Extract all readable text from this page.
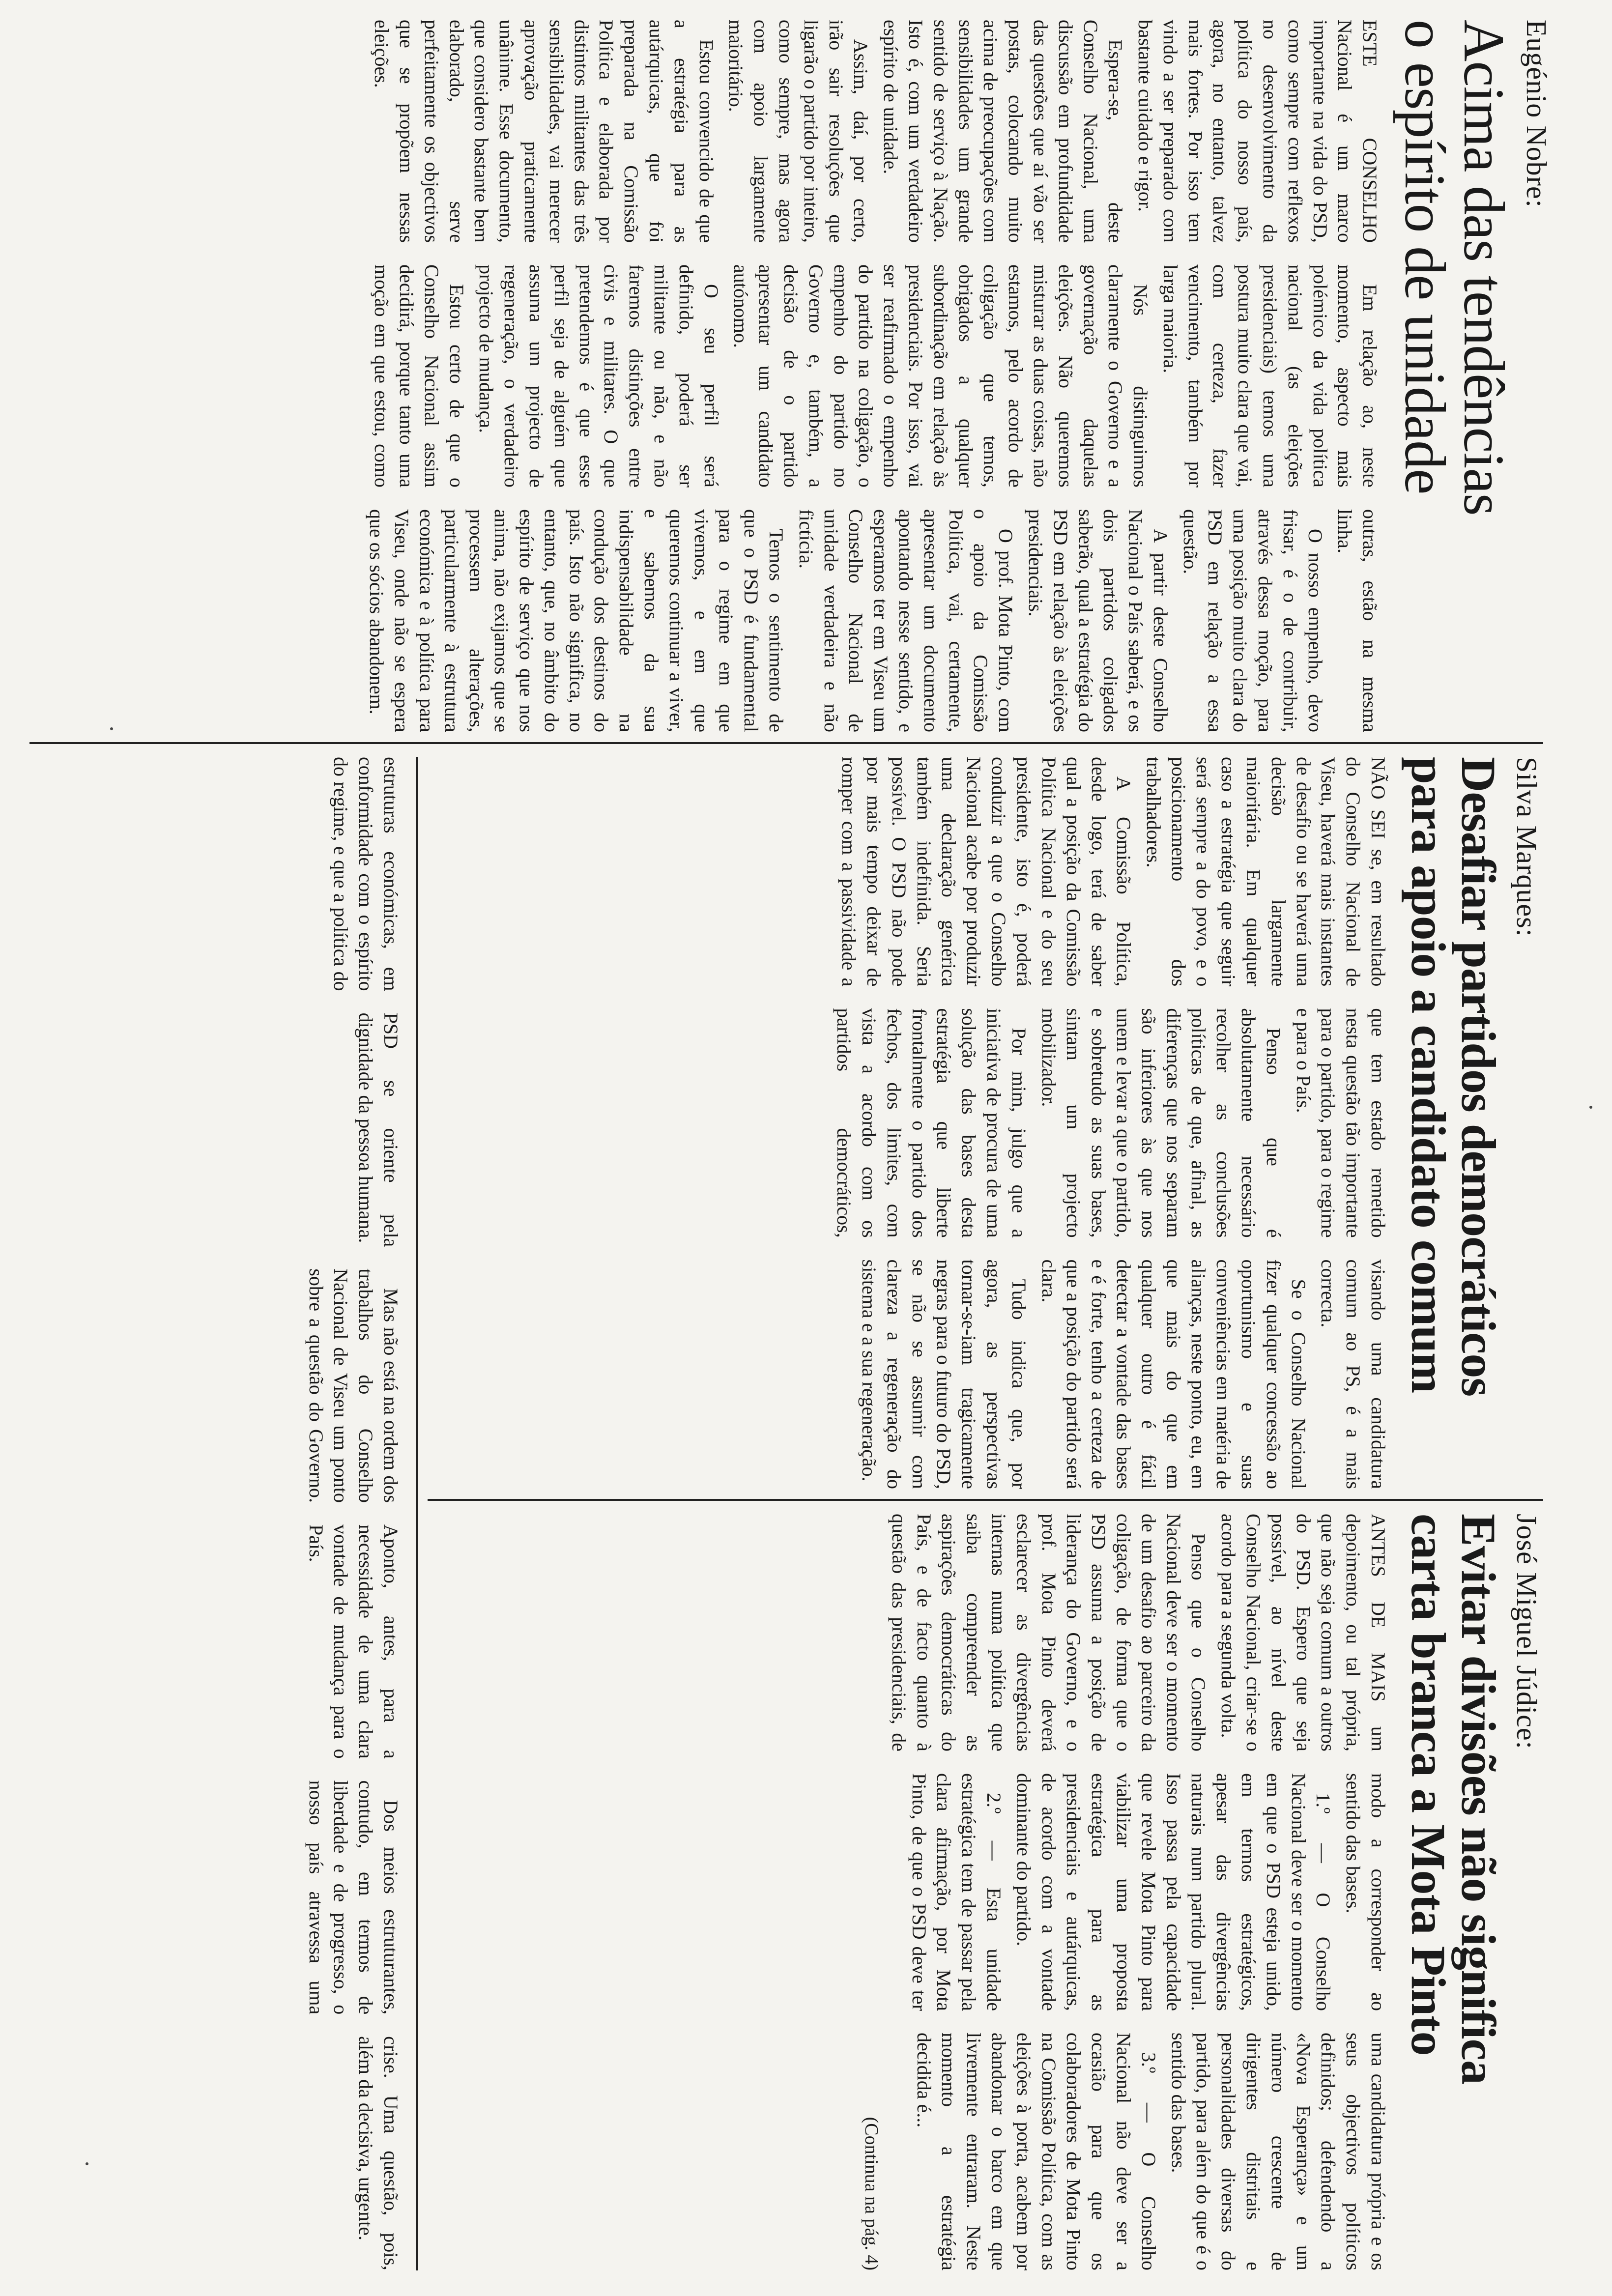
Eugénio Nobre:
Acima das tendências
o espírito de unidade

ESTE CONSELHO Nacional é um marco importante na vida do PSD, como sempre com reflexos no desenvolvimento da política do nosso país, agora, no entanto, talvez mais fortes. Por isso tem vindo a ser preparado com bastante cuidado e rigor.

Espera-se, deste Conselho Nacional, uma discussão em profundidade das questões que aí vão ser postas, colocando muito acima de preocupações com sensibilidades um grande sentido de serviço à Nação. Isto é, com um verdadeiro espírito de unidade.

Assim, daí, por certo, irão sair resoluções que ligarão o partido por inteiro, como sempre, mas agora com apoio largamente maioritário.

Estou convencido de que a estratégia para as autárquicas, que foi preparada na Comissão Política e elaborada por distintos militantes das três sensibilidades, vai merecer aprovação praticamente unânime. Esse documento, que considero bastante bem elaborado, serve perfeitamente os objectivos que se propõem nessas eleições.

Em relação ao, neste momento, aspecto mais polémico da vida política nacional (as eleições presidenciais) temos uma postura muito clara que vai, com certeza, fazer vencimento, também por larga maioria.

Nós distinguimos claramente o Governo e a governação daquelas eleições. Não queremos misturar as duas coisas, não estamos, pelo acordo de coligação que temos, obrigados a qualquer subordinação em relação às presidenciais. Por isso, vai ser reafirmado o empenho do partido na coligação, o empenho do partido no Governo e, também, a decisão de o partido apresentar um candidato autónomo.

O seu perfil será definido, poderá ser militante ou não, e não faremos distinções entre civis e militares. O que pretendemos é que esse perfil seja de alguém que assuma um projecto de regeneração, o verdadeiro projecto de mudança.

Estou certo de que o Conselho Nacional assim decidirá, porque tanto uma moção em que estou, como outras, estão na mesma linha.

O nosso empenho, devo frisar, é o de contribuir, através dessa moção, para uma posição muito clara do PSD em relação a essa questão.

A partir deste Conselho Nacional o País saberá, e os dois partidos coligados saberão, qual a estratégia do PSD em relação às eleições presidenciais.

O prof. Mota Pinto, com o apoio da Comissão Política, vai, certamente, apresentar um documento apontando nesse sentido, e esperamos ter em Viseu um Conselho Nacional de unidade verdadeira e não fictícia.

Temos o sentimento de que o PSD é fundamental para o regime em que vivemos, e em que queremos continuar a viver, e sabemos da sua indispensabilidade na condução dos destinos do país. Isto não significa, no entanto, que, no âmbito do espírito de serviço que nos anima, não exijamos que se processem alterações, particularmente à estrutura económica e à política para Viseu, onde não se espera que os sócios abandonem.

estruturas económicas, em conformidade com o espírito do regime, e que a política do PSD se oriente pela dignidade da pessoa humana.

Mas não está na ordem dos trabalhos do Conselho Nacional de Viseu um ponto sobre a questão do Governo. Aponto, antes, para a necessidade de uma clara vontade de mudança para o País.

Dos meios estruturantes, contudo, em termos de liberdade e de progresso, o nosso país atravessa uma crise. Uma questão, pois, além da decisiva, urgente.

Silva Marques:
Desafiar partidos democráticos
para apoio a candidato comum

NÃO SEI se, em resultado do Conselho Nacional de Viseu, haverá mais instantes de desafio ou se haverá uma decisão largamente maioritária. Em qualquer caso a estratégia que seguir será sempre a do povo, e o posicionamento dos trabalhadores.

A Comissão Política, desde logo, terá de saber qual a posição da Comissão Política Nacional e do seu presidente, isto é, poderá conduzir a que o Conselho Nacional acabe por produzir uma declaração genérica também indefinida. Seria possível. O PSD não pode por mais tempo deixar de romper com a passividade a que tem estado remetido nesta questão tão importante para o partido, para o regime e para o País.

Penso que é absolutamente necessário recolher as conclusões políticas de que, afinal, as diferenças que nos separam são inferiores às que nos unem e levar a que o partido, e sobretudo as suas bases, sintam um projecto mobilizador.

Por mim, julgo que a iniciativa de procura de uma solução das bases desta estratégia que liberte frontalmente o partido dos fechos, dos limites, com vista a acordo com os partidos democráticos, visando uma candidatura comum ao PS, é a mais correcta.

Se o Conselho Nacional fizer qualquer concessão ao oportunismo e suas conveniências em matéria de alianças, neste ponto, eu, em que mais do que em qualquer outro é fácil detectar a vontade das bases e é forte, tenho a certeza de que a posição do partido será clara.

Tudo indica que, por agora, as perspectivas tornar-se-iam tragicamente negras para o futuro do PSD, se não se assumir com clareza a regeneração do sistema e a sua regeneração.

José Miguel Júdice:
Evitar divisões não significa
carta branca a Mota Pinto

ANTES DE MAIS um depoimento, ou tal própria, que não seja comum a outros do PSD. Espero que seja possível, ao nível deste Conselho Nacional, criar-se o acordo para a segunda volta.

Penso que o Conselho Nacional deve ser o momento de um desafio ao parceiro da coligação, de forma que o PSD assuma a posição de liderança do Governo, e o prof. Mota Pinto deverá esclarecer as divergências internas numa política que saiba compreender as aspirações democráticas do País, e de facto quanto à questão das presidenciais, de modo a corresponder ao sentido das bases.

1.º — O Conselho Nacional deve ser o momento em que o PSD esteja unido, em termos estratégicos, apesar das divergências naturais num partido plural. Isso passa pela capacidade que revele Mota Pinto para viabilizar uma proposta estratégica para as presidenciais e autárquicas, de acordo com a vontade dominante do partido.

2.º — Esta unidade estratégica tem de passar pela clara afirmação, por Mota Pinto, de que o PSD deve ter uma candidatura própria e os seus objectivos políticos definidos; defendendo a «Nova Esperança» e um número crescente de dirigentes distritais e personalidades diversas do partido, para além do que é o sentido das bases.

3.º — O Conselho Nacional não deve ser a ocasião para que os colaboradores de Mota Pinto na Comissão Política, com as eleições à porta, acabem por abandonar o barco em que livremente entraram. Neste momento a estratégia decidida é...

(Continua na pág. 4)
